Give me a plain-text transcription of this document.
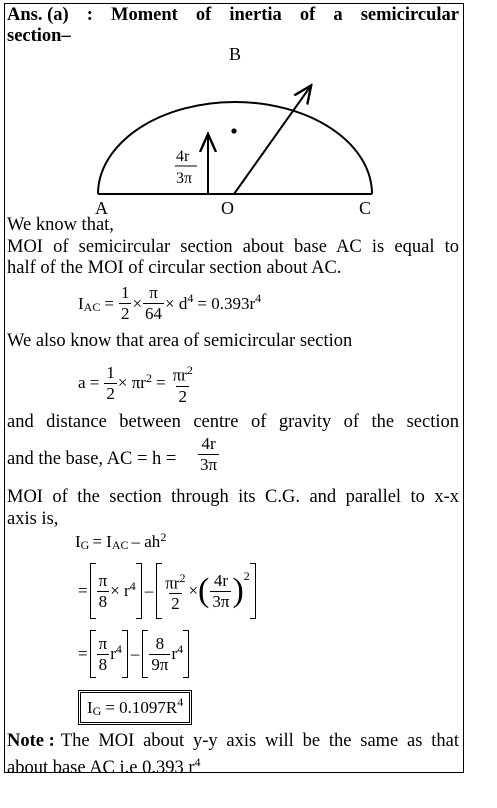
Ans. (a) : Moment of inertia of a semicircular
section–
B
A	O	C
4r
3π
We know that,
MOI of semicircular section about base AC is equal to
half of the MOI of circular section about AC.
$I_{AC} = \frac{1}{2} \times \frac{\pi}{64} \times d^4 = 0.393r^4$
We also know that area of semicircular section
$a = \frac{1}{2} \times \pi r^2 = \frac{\pi r^2}{2}$
and distance between centre of gravity of the section
and the base, AC = $h = \frac{4r}{3\pi}$
MOI of the section through its C.G. and parallel to x-x
axis is,
$I_G = I_{AC} - ah^2$
= $\frac{\pi}{8} \times r^4 - \frac{\pi r^2}{2}$ × ( $\frac{4r}{3\pi} )^2$
= $\frac{\pi}{8} r^4 - \frac{8}{9\pi} r^4$
$I_G = 0.1097R^4$
Note : The MOI about y-y axis will be the same as that
about base AC i.e 0.393 $r^4$
